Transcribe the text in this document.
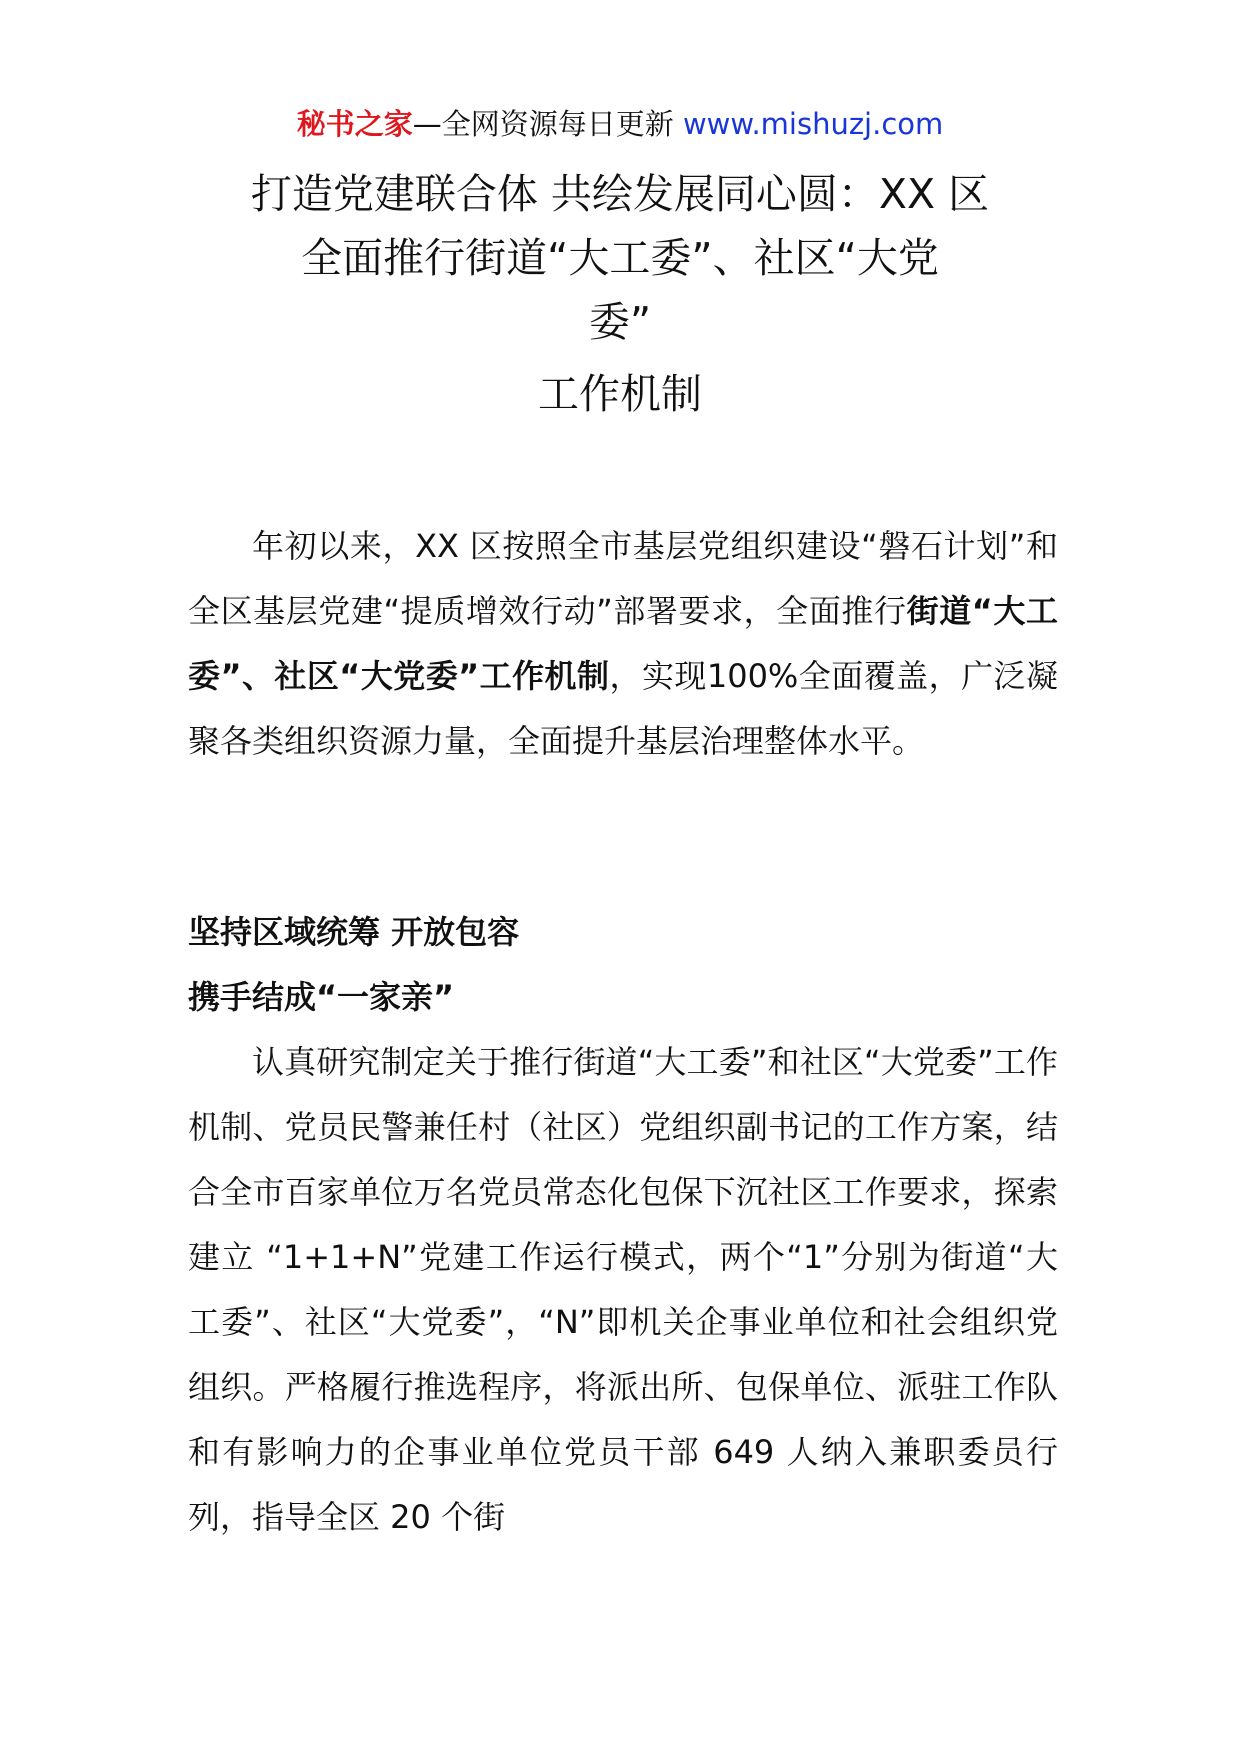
秘书之家—全网资源每日更新 www.mishuzj.com
打造党建联合体 共绘发展同心圆：XX 区
全面推行街道“大工委”、社区“大党
委”
工作机制

年初以来，XX 区按照全市基层党组织建设“磐石计划”和全区基层党建“提质增效行动”部署要求，全面推行街道“大工委”、社区“大党委”工作机制，实现100%全面覆盖，广泛凝聚各类组织资源力量，全面提升基层治理整体水平。

坚持区域统筹 开放包容

携手结成“一家亲”

认真研究制定关于推行街道“大工委”和社区“大党委”工作机制、党员民警兼任村（社区）党组织副书记的工作方案，结合全市百家单位万名党员常态化包保下沉社区工作要求，探索建立 “1+1+N”党建工作运行模式，两个“1”分别为街道“大工委”、社区“大党委”，“N”即机关企事业单位和社会组织党组织。严格履行推选程序，将派出所、包保单位、派驻工作队和有影响力的企事业单位党员干部 649 人纳入兼职委员行列，指导全区 20 个街
